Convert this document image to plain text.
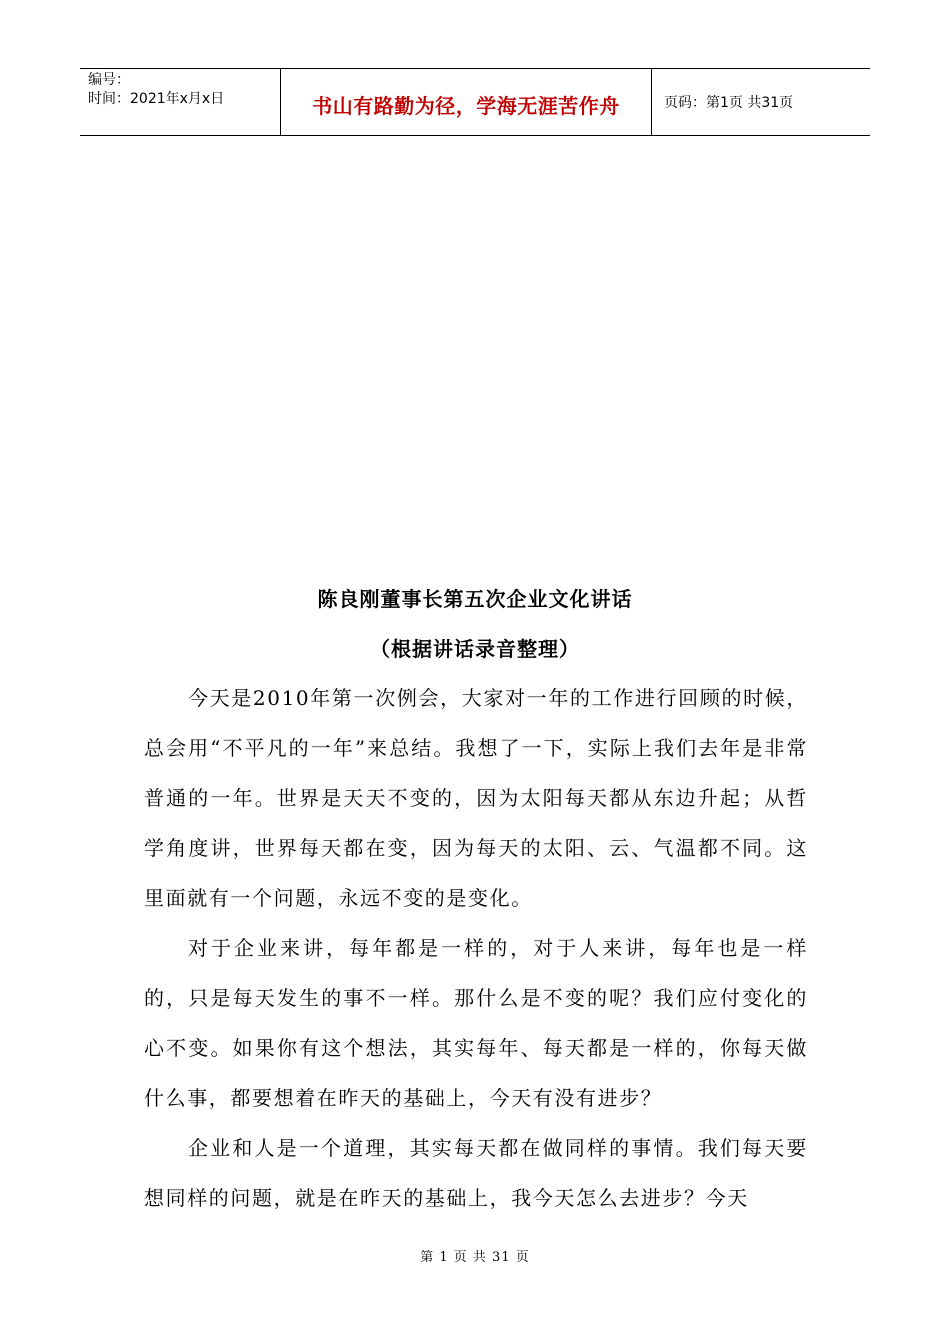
编号：
时间：2021年x月x日	书山有路勤为径，学海无涯苦作舟	页码：第1页 共31页
陈良刚董事长第五次企业文化讲话
（根据讲话录音整理）

今天是2010年第一次例会，大家对一年的工作进行回顾的时候，总会用“不平凡的一年”来总结。我想了一下，实际上我们去年是非常普通的一年。世界是天天不变的，因为太阳每天都从东边升起；从哲学角度讲，世界每天都在变，因为每天的太阳、云、气温都不同。这里面就有一个问题，永远不变的是变化。

对于企业来讲，每年都是一样的，对于人来讲，每年也是一样的，只是每天发生的事不一样。那什么是不变的呢？我们应付变化的心不变。如果你有这个想法，其实每年、每天都是一样的，你每天做什么事，都要想着在昨天的基础上，今天有没有进步？

企业和人是一个道理，其实每天都在做同样的事情。我们每天要想同样的问题，就是在昨天的基础上，我今天怎么去进步？今天

第 1 页 共 31 页
